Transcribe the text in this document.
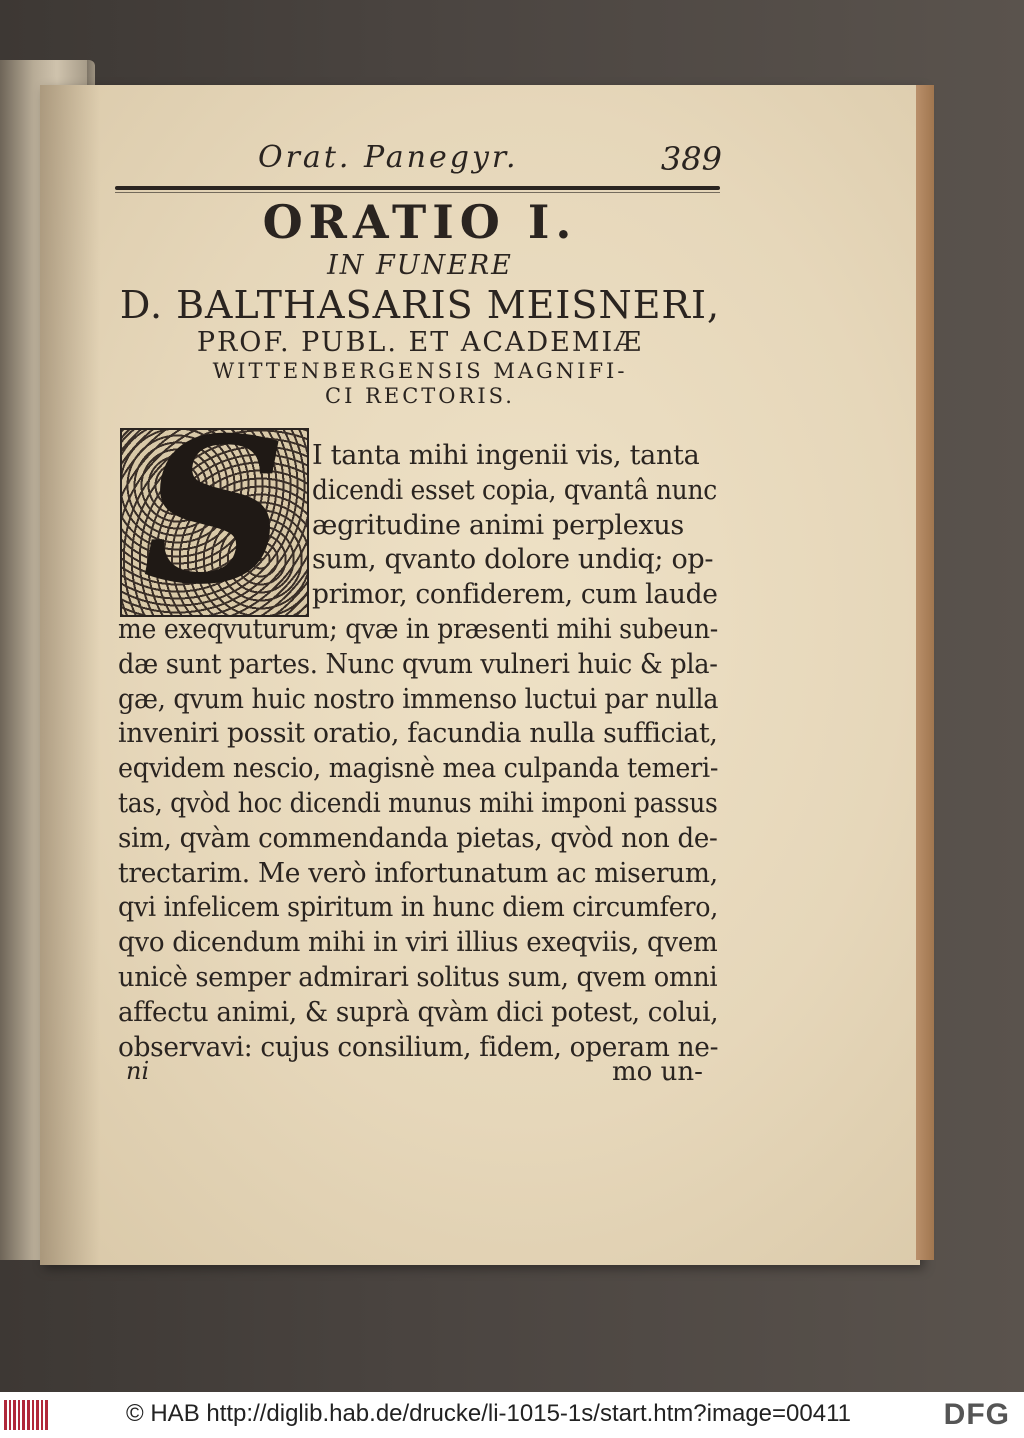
Orat. Panegyr.	389
ORATIO I.
IN FUNERE
D. BALTHASARIS MEISNERI,
PROF. PUBL. ET ACADEMIÆ
WITTENBERGENSIS MAGNIFI-
CI RECTORIS.
S I tanta mihi ingenii vis, tanta
dicendi esset copia, qvantâ nunc
ægritudine animi perplexus
sum, qvanto dolore undiq; op-
primor, confiderem, cum laude
me exeqvuturum; qvæ in præsenti mihi subeun-
dæ sunt partes. Nunc qvum vulneri huic & pla-
gæ, qvum huic nostro immenso luctui par nulla
inveniri possit oratio, facundia nulla sufficiat,
eqvidem nescio, magisnè mea culpanda temeri-
tas, qvòd hoc dicendi munus mihi imponi passus
sim, qvàm commendanda pietas, qvòd non de-
trectarim. Me verò infortunatum ac miserum,
qvi infelicem spiritum in hunc diem circumfero,
qvo dicendum mihi in viri illius exeqviis, qvem
unicè semper admirari solitus sum, qvem omni
affectu animi, & suprà qvàm dici potest, colui,
observavi: cujus consilium, fidem, operam ne-
ni	mo un-
© HAB http://diglib.hab.de/drucke/li-1015-1s/start.htm?image=00411	DFG
